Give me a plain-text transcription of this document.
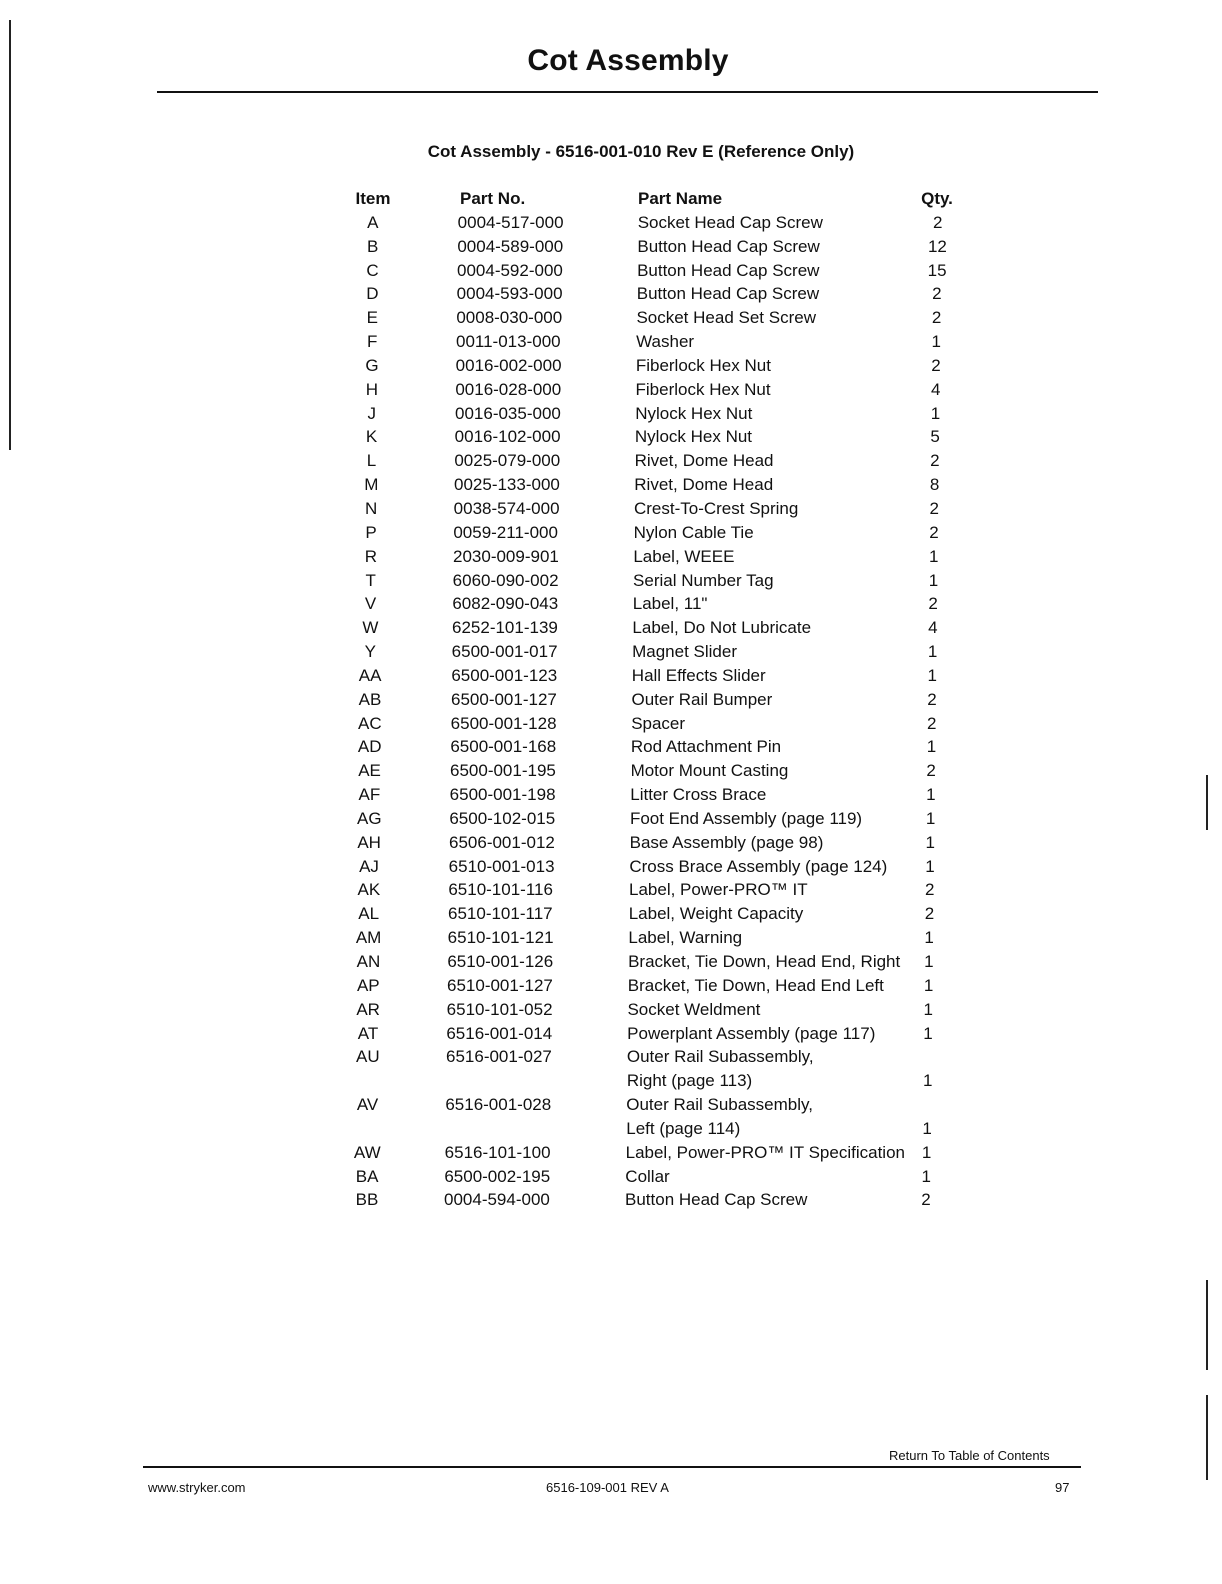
Cot Assembly
Cot Assembly - 6516-001-010 Rev E (Reference Only)
Item	Part No.	Part Name	Qty.
A	0004-517-000	Socket Head Cap Screw	2
B	0004-589-000	Button Head Cap Screw	12
C	0004-592-000	Button Head Cap Screw	15
D	0004-593-000	Button Head Cap Screw	2
E	0008-030-000	Socket Head Set Screw	2
F	0011-013-000	Washer	1
G	0016-002-000	Fiberlock Hex Nut	2
H	0016-028-000	Fiberlock Hex Nut	4
J	0016-035-000	Nylock Hex Nut	1
K	0016-102-000	Nylock Hex Nut	5
L	0025-079-000	Rivet, Dome Head	2
M	0025-133-000	Rivet, Dome Head	8
N	0038-574-000	Crest-To-Crest Spring	2
P	0059-211-000	Nylon Cable Tie	2
R	2030-009-901	Label, WEEE	1
T	6060-090-002	Serial Number Tag	1
V	6082-090-043	Label, 11"	2
W	6252-101-139	Label, Do Not Lubricate	4
Y	6500-001-017	Magnet Slider	1
AA	6500-001-123	Hall Effects Slider	1
AB	6500-001-127	Outer Rail Bumper	2
AC	6500-001-128	Spacer	2
AD	6500-001-168	Rod Attachment Pin	1
AE	6500-001-195	Motor Mount Casting	2
AF	6500-001-198	Litter Cross Brace	1
AG	6500-102-015	Foot End Assembly (page 119)	1
AH	6506-001-012	Base Assembly (page 98)	1
AJ	6510-001-013	Cross Brace Assembly (page 124)	1
AK	6510-101-116	Label, Power-PRO™ IT	2
AL	6510-101-117	Label, Weight Capacity	2
AM	6510-101-121	Label, Warning	1
AN	6510-001-126	Bracket, Tie Down, Head End, Right	1
AP	6510-001-127	Bracket, Tie Down, Head End Left	1
AR	6510-101-052	Socket Weldment	1
AT	6516-001-014	Powerplant Assembly (page 117)	1
AU	6516-001-027	Outer Rail Subassembly,
Right (page 113)	1
AV	6516-001-028	Outer Rail Subassembly,
Left (page 114)	1
AW	6516-101-100	Label, Power-PRO™ IT Specification 1
BA	6500-002-195	Collar	1
BB	0004-594-000	Button Head Cap Screw	2
Return To Table of Contents
www.stryker.com	6516-109-001 REV A	97
